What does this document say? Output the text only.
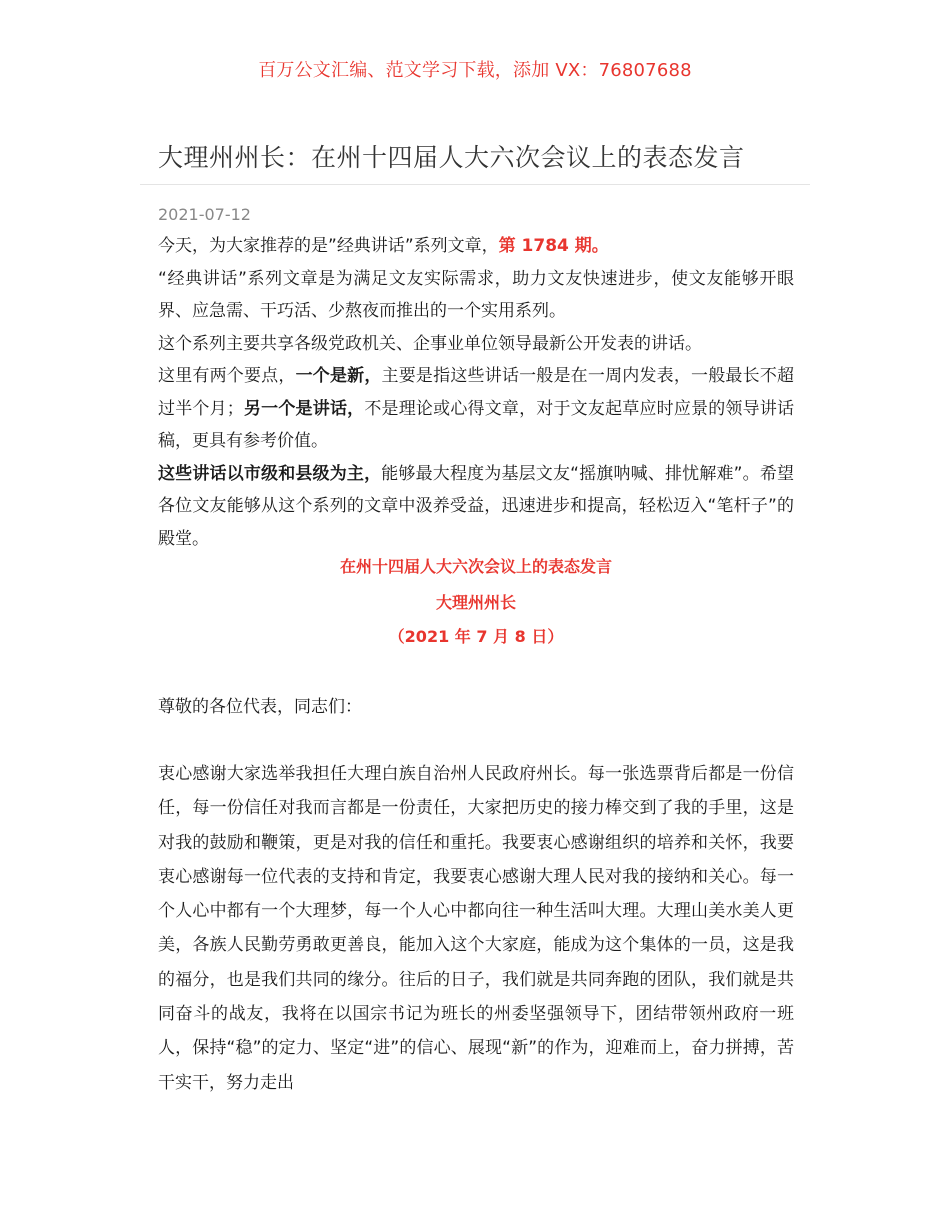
百万公文汇编、范文学习下载，添加 VX：76807688
大理州州长：在州十四届人大六次会议上的表态发言
2021-07-12

今天，为大家推荐的是”经典讲话”系列文章，第 1784 期。

“经典讲话”系列文章是为满足文友实际需求，助力文友快速进步，使文友能够开眼界、应急需、干巧活、少熬夜而推出的一个实用系列。

这个系列主要共享各级党政机关、企事业单位领导最新公开发表的讲话。

这里有两个要点，一个是新，主要是指这些讲话一般是在一周内发表，一般最长不超过半个月；另一个是讲话，不是理论或心得文章，对于文友起草应时应景的领导讲话稿，更具有参考价值。

这些讲话以市级和县级为主，能够最大程度为基层文友“摇旗呐喊、排忧解难”。希望各位文友能够从这个系列的文章中汲养受益，迅速进步和提高，轻松迈入“笔杆子”的殿堂。

在州十四届人大六次会议上的表态发言
大理州州长
（2021 年 7 月 8 日）
尊敬的各位代表，同志们：

衷心感谢大家选举我担任大理白族自治州人民政府州长。每一张选票背后都是一份信任，每一份信任对我而言都是一份责任，大家把历史的接力棒交到了我的手里，这是对我的鼓励和鞭策，更是对我的信任和重托。我要衷心感谢组织的培养和关怀，我要衷心感谢每一位代表的支持和肯定，我要衷心感谢大理人民对我的接纳和关心。每一个人心中都有一个大理梦，每一个人心中都向往一种生活叫大理。大理山美水美人更美，各族人民勤劳勇敢更善良，能加入这个大家庭，能成为这个集体的一员，这是我的福分，也是我们共同的缘分。往后的日子，我们就是共同奔跑的团队，我们就是共同奋斗的战友，我将在以国宗书记为班长的州委坚强领导下，团结带领州政府一班人，保持“稳”的定力、坚定“进”的信心、展现“新”的作为，迎难而上，奋力拼搏，苦干实干，努力走出
